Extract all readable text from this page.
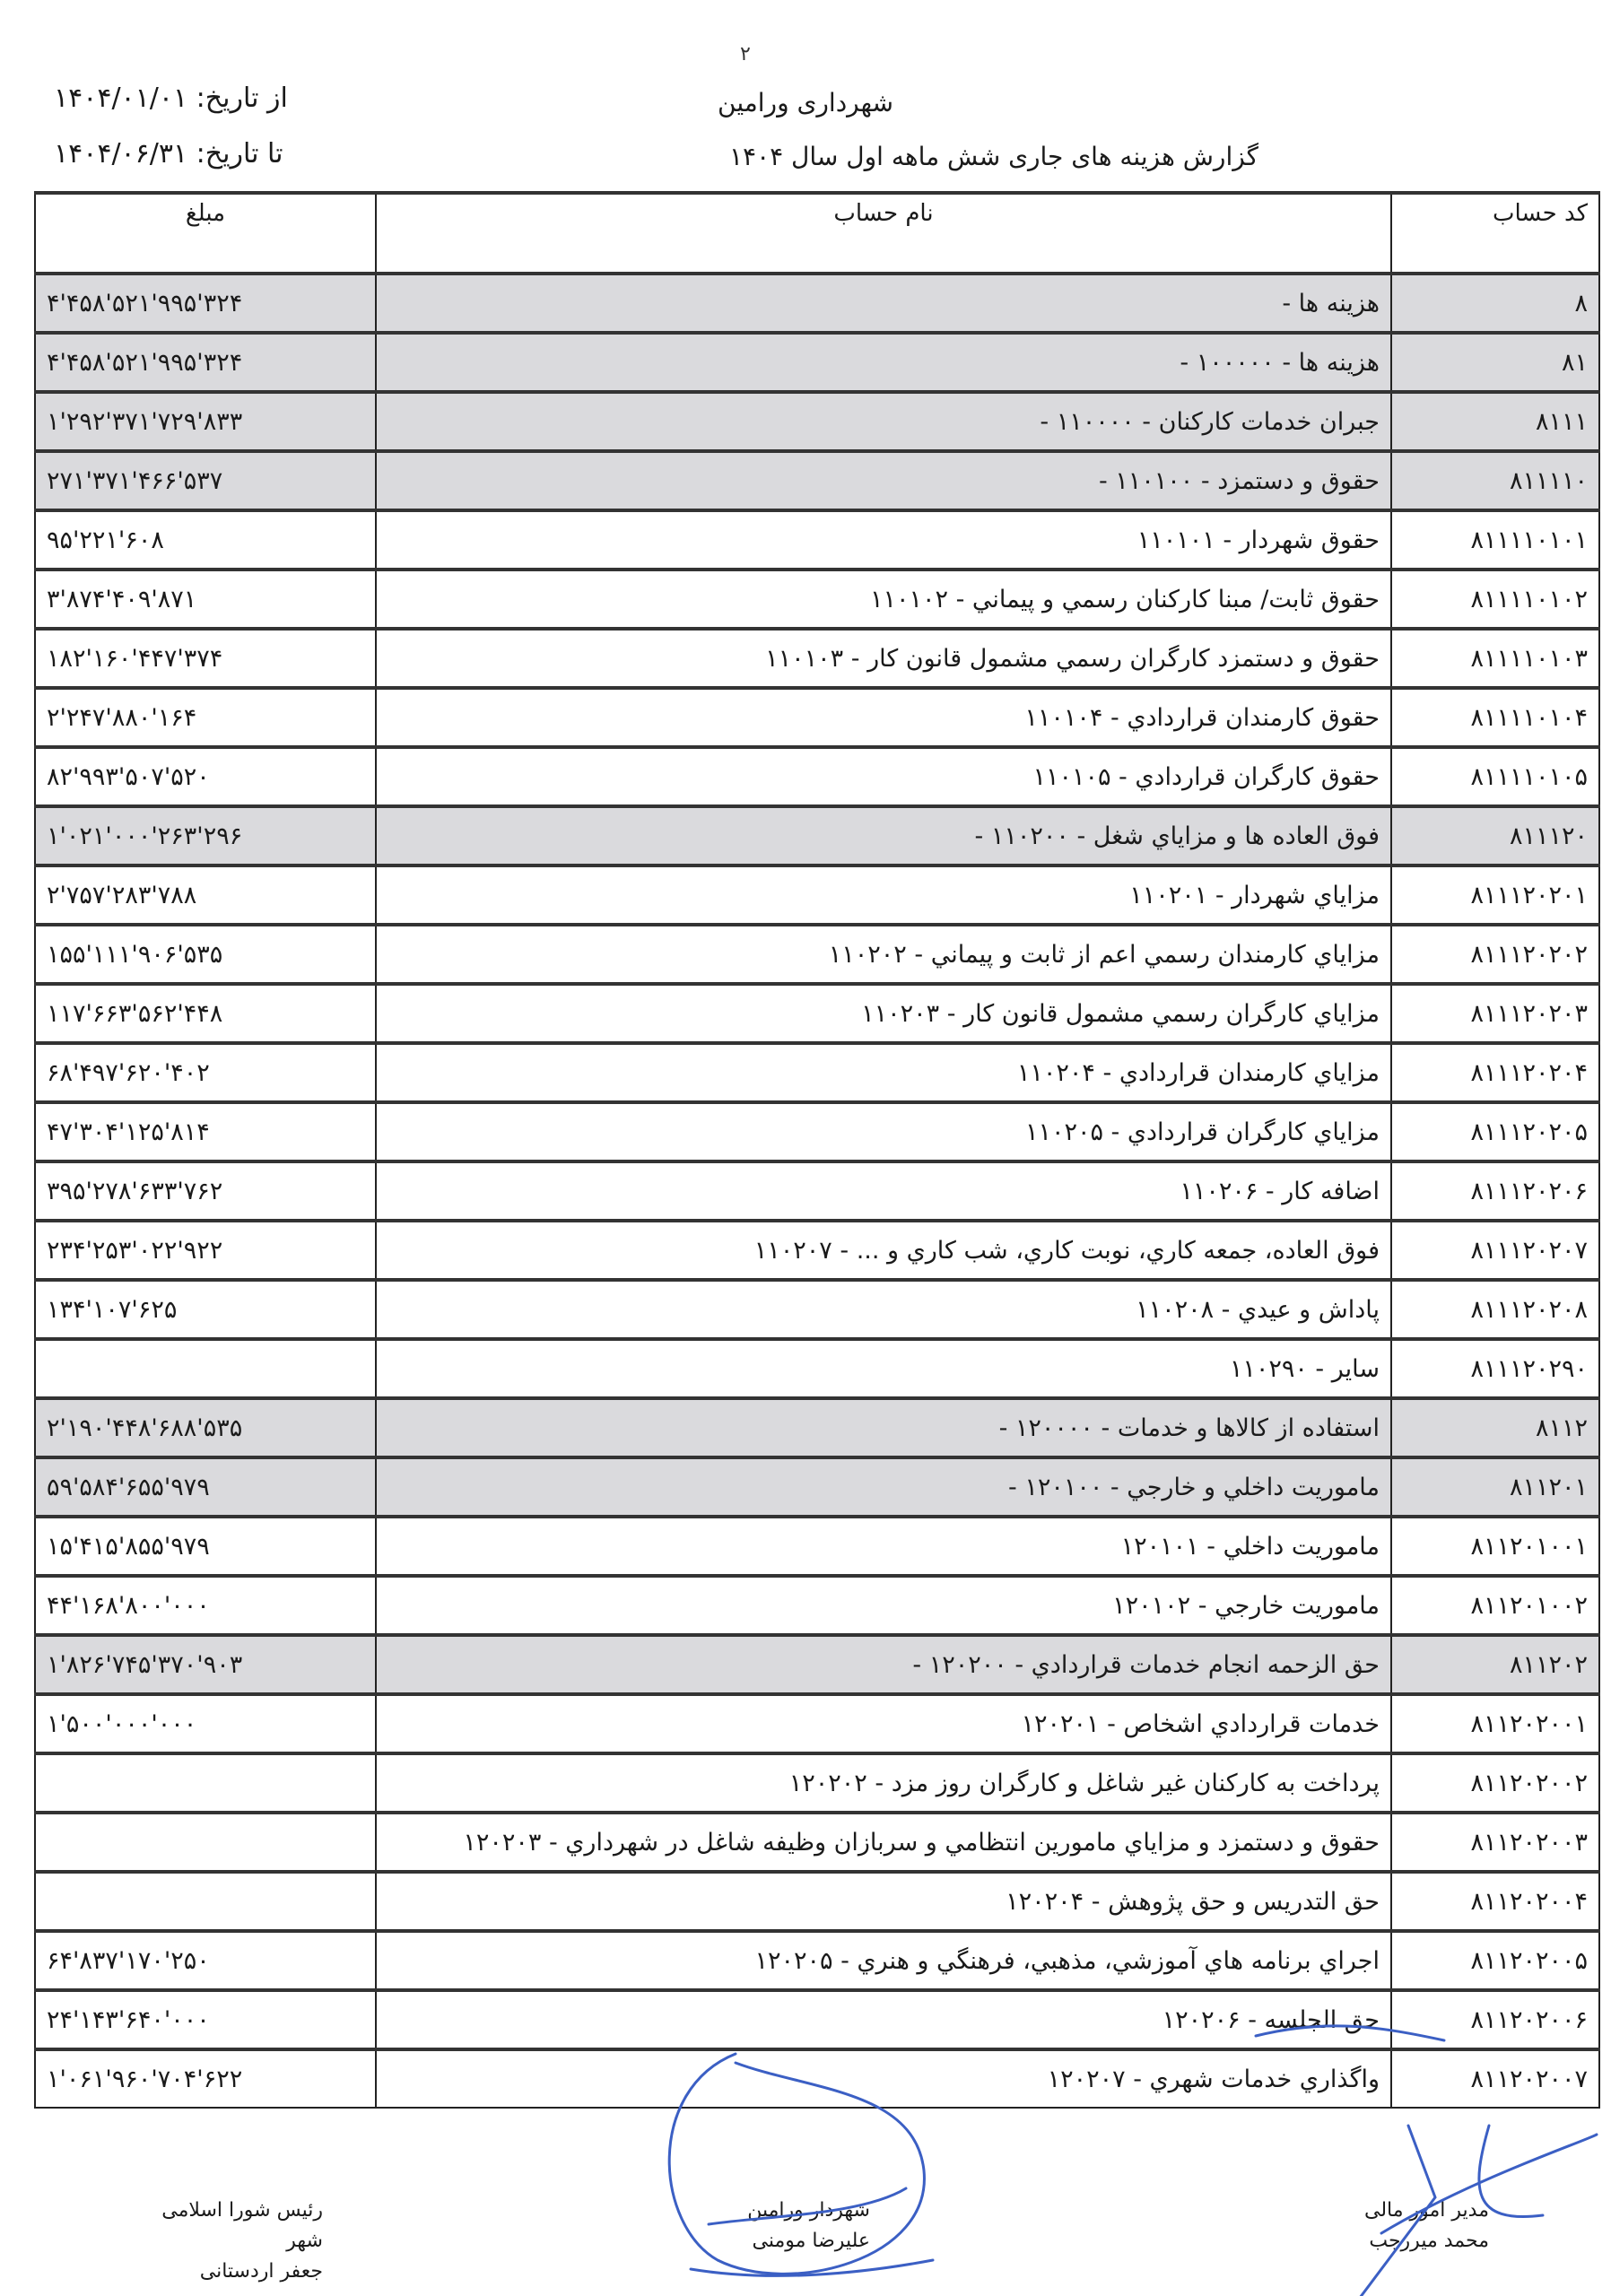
۲
شهرداری ورامین
گزارش هزینه های جاری شش ماهه اول سال ۱۴۰۴
از تاریخ: ۱۴۰۴/۰۱/۰۱
تا تاریخ: ۱۴۰۴/۰۶/۳۱
کد حساب	نام حساب	مبلغ
۸	هزینه ها -	۴'۴۵۸'۵۲۱'۹۹۵'۳۲۴
۸۱	هزینه ها - ۱۰۰۰۰۰ -	۴'۴۵۸'۵۲۱'۹۹۵'۳۲۴
۸۱۱۱	جبران خدمات کارکنان - ۱۱۰۰۰۰ -	۱'۲۹۲'۳۷۱'۷۲۹'۸۳۳
۸۱۱۱۱۰	حقوق و دستمزد - ۱۱۰۱۰۰ -	۲۷۱'۳۷۱'۴۶۶'۵۳۷
۸۱۱۱۱۰۱۰۱	حقوق شهردار - ۱۱۰۱۰۱	۹۵'۲۲۱'۶۰۸
۸۱۱۱۱۰۱۰۲	حقوق ثابت/ مبنا كاركنان رسمي و پيماني - ۱۱۰۱۰۲	۳'۸۷۴'۴۰۹'۸۷۱
۸۱۱۱۱۰۱۰۳	حقوق و دستمزد كارگران رسمي مشمول قانون كار - ۱۱۰۱۰۳	۱۸۲'۱۶۰'۴۴۷'۳۷۴
۸۱۱۱۱۰۱۰۴	حقوق كارمندان قراردادي - ۱۱۰۱۰۴	۲'۲۴۷'۸۸۰'۱۶۴
۸۱۱۱۱۰۱۰۵	حقوق كارگران قراردادي - ۱۱۰۱۰۵	۸۲'۹۹۳'۵۰۷'۵۲۰
۸۱۱۱۲۰	فوق العاده ها و مزاياي شغل - ۱۱۰۲۰۰ -	۱'۰۲۱'۰۰۰'۲۶۳'۲۹۶
۸۱۱۱۲۰۲۰۱	مزاياي شهردار - ۱۱۰۲۰۱	۲'۷۵۷'۲۸۳'۷۸۸
۸۱۱۱۲۰۲۰۲	مزاياي كارمندان رسمي اعم از ثابت و پيماني - ۱۱۰۲۰۲	۱۵۵'۱۱۱'۹۰۶'۵۳۵
۸۱۱۱۲۰۲۰۳	مزاياي كارگران رسمي مشمول قانون كار - ۱۱۰۲۰۳	۱۱۷'۶۶۳'۵۶۲'۴۴۸
۸۱۱۱۲۰۲۰۴	مزاياي كارمندان قراردادي - ۱۱۰۲۰۴	۶۸'۴۹۷'۶۲۰'۴۰۲
۸۱۱۱۲۰۲۰۵	مزاياي كارگران قراردادي - ۱۱۰۲۰۵	۴۷'۳۰۴'۱۲۵'۸۱۴
۸۱۱۱۲۰۲۰۶	اضافه كار - ۱۱۰۲۰۶	۳۹۵'۲۷۸'۶۳۳'۷۶۲
۸۱۱۱۲۰۲۰۷	فوق العاده، جمعه كاري، نوبت كاري، شب كاري و ... - ۱۱۰۲۰۷	۲۳۴'۲۵۳'۰۲۲'۹۲۲
۸۱۱۱۲۰۲۰۸	پاداش و عيدي - ۱۱۰۲۰۸	۱۳۴'۱۰۷'۶۲۵
۸۱۱۱۲۰۲۹۰	ساير - ۱۱۰۲۹۰	
۸۱۱۲	استفاده از كالاها و خدمات - ۱۲۰۰۰۰ -	۲'۱۹۰'۴۴۸'۶۸۸'۵۳۵
۸۱۱۲۰۱	ماموريت داخلي و خارجي - ۱۲۰۱۰۰ -	۵۹'۵۸۴'۶۵۵'۹۷۹
۸۱۱۲۰۱۰۰۱	ماموريت داخلي - ۱۲۰۱۰۱	۱۵'۴۱۵'۸۵۵'۹۷۹
۸۱۱۲۰۱۰۰۲	ماموريت خارجي - ۱۲۰۱۰۲	۴۴'۱۶۸'۸۰۰'۰۰۰
۸۱۱۲۰۲	حق الزحمه انجام خدمات قراردادي - ۱۲۰۲۰۰ -	۱'۸۲۶'۷۴۵'۳۷۰'۹۰۳
۸۱۱۲۰۲۰۰۱	خدمات قراردادي اشخاص - ۱۲۰۲۰۱	۱'۵۰۰'۰۰۰'۰۰۰
۸۱۱۲۰۲۰۰۲	پرداخت به كاركنان غير شاغل و كارگران روز مزد - ۱۲۰۲۰۲	
۸۱۱۲۰۲۰۰۳	حقوق و دستمزد و مزاياي مامورين انتظامي و سربازان وظيفه شاغل در شهرداري - ۱۲۰۲۰۳	
۸۱۱۲۰۲۰۰۴	حق التدريس و حق پژوهش - ۱۲۰۲۰۴	
۸۱۱۲۰۲۰۰۵	اجراي برنامه هاي آموزشي، مذهبي، فرهنگي و هنري - ۱۲۰۲۰۵	۶۴'۸۳۷'۱۷۰'۲۵۰
۸۱۱۲۰۲۰۰۶	حق الجلسه - ۱۲۰۲۰۶	۲۴'۱۴۳'۶۴۰'۰۰۰
۸۱۱۲۰۲۰۰۷	واگذاري خدمات شهري - ۱۲۰۲۰۷	۱'۰۶۱'۹۶۰'۷۰۴'۶۲۲
مدیر امور مالی
محمد میررجب
شهردار ورامین
علیرضا مومنی
رئیس شورا اسلامی شهر
جعفر اردستانی
